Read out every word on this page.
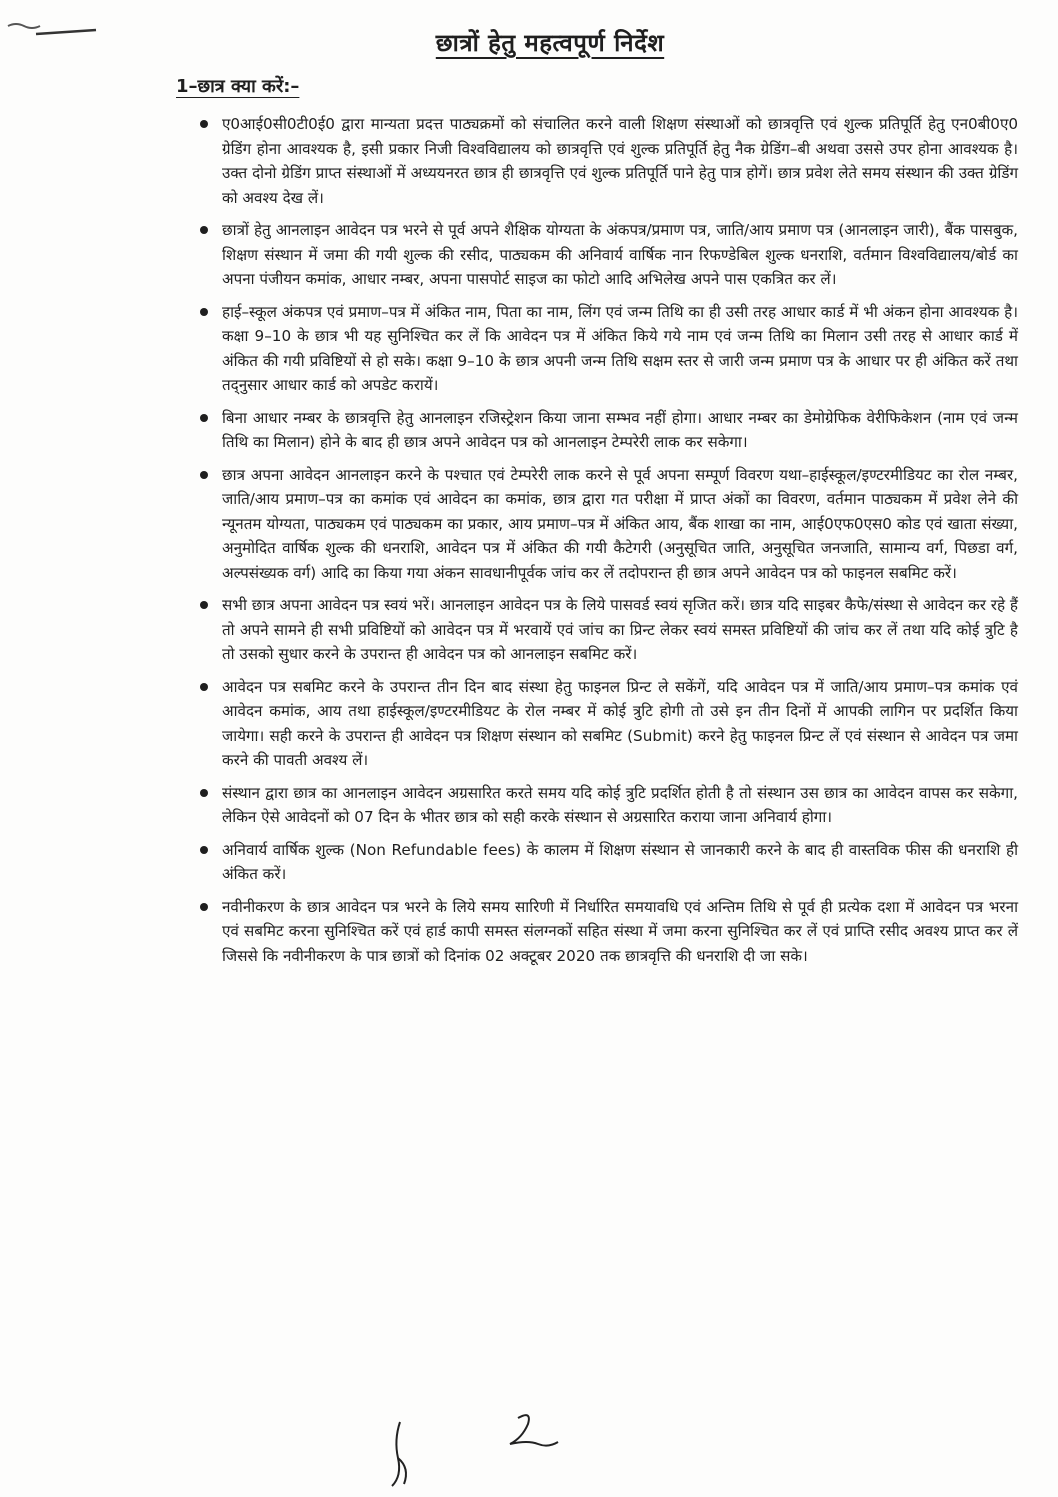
छात्रों हेतु महत्वपूर्ण निर्देश
1–छात्र क्या करें:–
ए0आई0सी0टी0ई0 द्वारा मान्यता प्रदत्त पाठ्यक्रमों को संचालित करने वाली शिक्षण संस्थाओं को छात्रवृत्ति एवं शुल्क प्रतिपूर्ति हेतु एन0बी0ए0 ग्रेडिंग होना आवश्यक है, इसी प्रकार निजी विश्वविद्यालय को छात्रवृत्ति एवं शुल्क प्रतिपूर्ति हेतु नैक ग्रेडिंग–बी अथवा उससे उपर होना आवश्यक है। उक्त दोनो ग्रेडिंग प्राप्त संस्थाओं में अध्ययनरत छात्र ही छात्रवृत्ति एवं शुल्क प्रतिपूर्ति पाने हेतु पात्र होगें। छात्र प्रवेश लेते समय संस्थान की उक्त ग्रेडिंग को अवश्य देख लें।
छात्रों हेतु आनलाइन आवेदन पत्र भरने से पूर्व अपने शैक्षिक योग्यता के अंकपत्र/प्रमाण पत्र, जाति/आय प्रमाण पत्र (आनलाइन जारी), बैंक पासबुक, शिक्षण संस्थान में जमा की गयी शुल्क की रसीद, पाठ्यकम की अनिवार्य वार्षिक नान रिफण्डेबिल शुल्क धनराशि, वर्तमान विश्वविद्यालय/बोर्ड का अपना पंजीयन कमांक, आधार नम्बर, अपना पासपोर्ट साइज का फोटो आदि अभिलेख अपने पास एकत्रित कर लें।
हाई–स्कूल अंकपत्र एवं प्रमाण–पत्र में अंकित नाम, पिता का नाम, लिंग एवं जन्म तिथि का ही उसी तरह आधार कार्ड में भी अंकन होना आवश्यक है। कक्षा 9–10 के छात्र भी यह सुनिश्चित कर लें कि आवेदन पत्र में अंकित किये गये नाम एवं जन्म तिथि का मिलान उसी तरह से आधार कार्ड में अंकित की गयी प्रविष्टियों से हो सके। कक्षा 9–10 के छात्र अपनी जन्म तिथि सक्षम स्तर से जारी जन्म प्रमाण पत्र के आधार पर ही अंकित करें तथा तद्नुसार आधार कार्ड को अपडेट करायें।
बिना आधार नम्बर के छात्रवृत्ति हेतु आनलाइन रजिस्ट्रेशन किया जाना सम्भव नहीं होगा। आधार नम्बर का डेमोग्रेफिक वेरीफिकेशन (नाम एवं जन्म तिथि का मिलान) होने के बाद ही छात्र अपने आवेदन पत्र को आनलाइन टेम्परेरी लाक कर सकेगा।
छात्र अपना आवेदन आनलाइन करने के पश्चात एवं टेम्परेरी लाक करने से पूर्व अपना सम्पूर्ण विवरण यथा–हाईस्कूल/इण्टरमीडियट का रोल नम्बर, जाति/आय प्रमाण–पत्र का कमांक एवं आवेदन का कमांक, छात्र द्वारा गत परीक्षा में प्राप्त अंकों का विवरण, वर्तमान पाठ्यकम में प्रवेश लेने की न्यूनतम योग्यता, पाठ्यकम एवं पाठ्यकम का प्रकार, आय प्रमाण–पत्र में अंकित आय, बैंक शाखा का नाम, आई0एफ0एस0 कोड एवं खाता संख्या, अनुमोदित वार्षिक शुल्क की धनराशि, आवेदन पत्र में अंकित की गयी कैटेगरी (अनुसूचित जाति, अनुसूचित जनजाति, सामान्य वर्ग, पिछडा वर्ग, अल्पसंख्यक वर्ग) आदि का किया गया अंकन सावधानीपूर्वक जांच कर लें तदोपरान्त ही छात्र अपने आवेदन पत्र को फाइनल सबमिट करें।
सभी छात्र अपना आवेदन पत्र स्वयं भरें। आनलाइन आवेदन पत्र के लिये पासवर्ड स्वयं सृजित करें। छात्र यदि साइबर कैफे/संस्था से आवेदन कर रहे हैं तो अपने सामने ही सभी प्रविष्टियों को आवेदन पत्र में भरवायें एवं जांच का प्रिन्ट लेकर स्वयं समस्त प्रविष्टियों की जांच कर लें तथा यदि कोई त्रुटि है तो उसको सुधार करने के उपरान्त ही आवेदन पत्र को आनलाइन सबमिट करें।
आवेदन पत्र सबमिट करने के उपरान्त तीन दिन बाद संस्था हेतु फाइनल प्रिन्ट ले सकेंगें, यदि आवेदन पत्र में जाति/आय प्रमाण–पत्र कमांक एवं आवेदन कमांक, आय तथा हाईस्कूल/इण्टरमीडियट के रोल नम्बर में कोई त्रुटि होगी तो उसे इन तीन दिनों में आपकी लागिन पर प्रदर्शित किया जायेगा। सही करने के उपरान्त ही आवेदन पत्र शिक्षण संस्थान को सबमिट (Submit) करने हेतु फाइनल प्रिन्ट लें एवं संस्थान से आवेदन पत्र जमा करने की पावती अवश्य लें।
संस्थान द्वारा छात्र का आनलाइन आवेदन अग्रसारित करते समय यदि कोई त्रुटि प्रदर्शित होती है तो संस्थान उस छात्र का आवेदन वापस कर सकेगा, लेकिन ऐसे आवेदनों को 07 दिन के भीतर छात्र को सही करके संस्थान से अग्रसारित कराया जाना अनिवार्य होगा।
अनिवार्य वार्षिक शुल्क (Non Refundable fees) के कालम में शिक्षण संस्थान से जानकारी करने के बाद ही वास्तविक फीस की धनराशि ही अंकित करें।
नवीनीकरण के छात्र आवेदन पत्र भरने के लिये समय सारिणी में निर्धारित समयावधि एवं अन्तिम तिथि से पूर्व ही प्रत्येक दशा में आवेदन पत्र भरना एवं सबमिट करना सुनिश्चित करें एवं हार्ड कापी समस्त संलग्नकों सहित संस्था में जमा करना सुनिश्चित कर लें एवं प्राप्ति रसीद अवश्य प्राप्त कर लें जिससे कि नवीनीकरण के पात्र छात्रों को दिनांक 02 अक्टूबर 2020 तक छात्रवृत्ति की धनराशि दी जा सके।
